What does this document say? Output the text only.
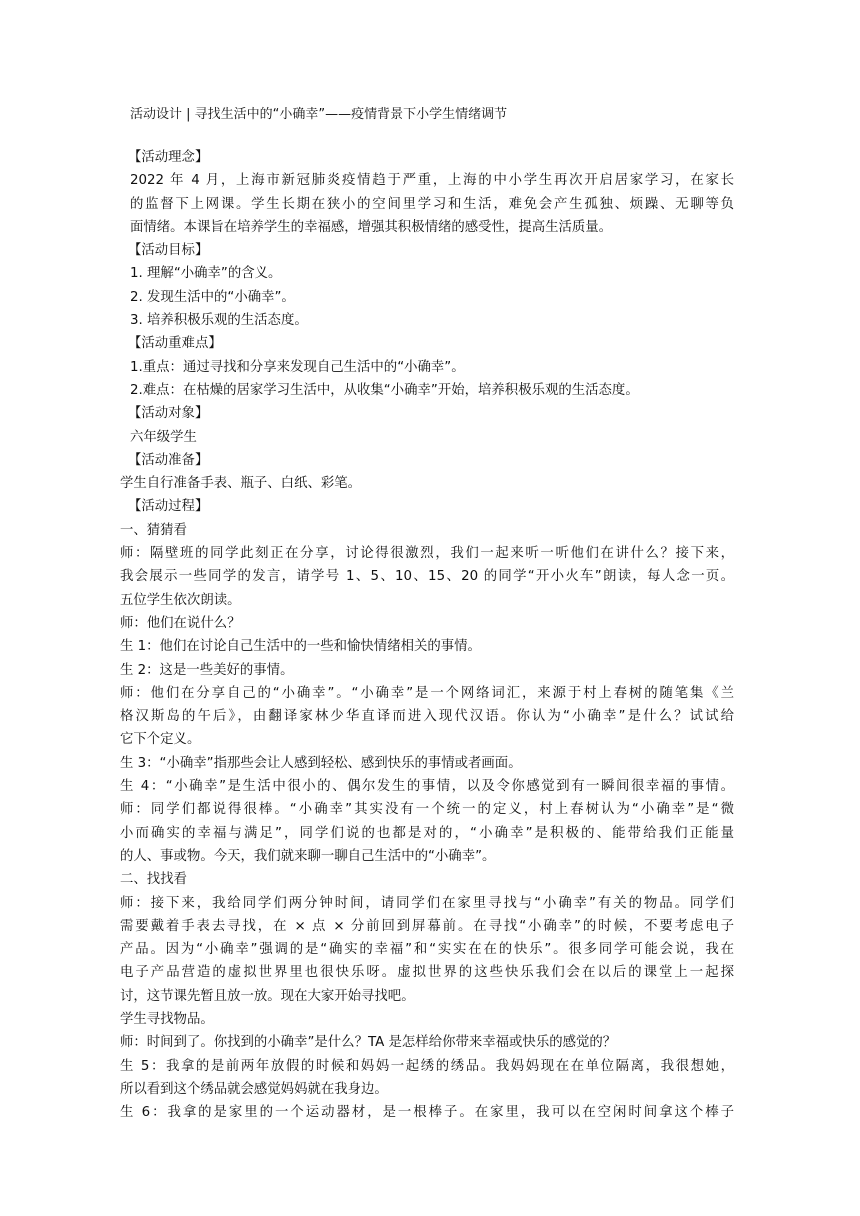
活动设计 | 寻找生活中的“小确幸”——疫情背景下小学生情绪调节
【活动理念】
2022 年 4 月，上海市新冠肺炎疫情趋于严重，上海的中小学生再次开启居家学习，在家长
的监督下上网课。学生长期在狭小的空间里学习和生活，难免会产生孤独、烦躁、无聊等负
面情绪。本课旨在培养学生的幸福感，增强其积极情绪的感受性，提高生活质量。
【活动目标】
1. 理解“小确幸”的含义。
2. 发现生活中的“小确幸”。
3. 培养积极乐观的生活态度。
【活动重难点】
1.重点：通过寻找和分享来发现自己生活中的“小确幸”。
2.难点：在枯燥的居家学习生活中，从收集“小确幸”开始，培养积极乐观的生活态度。
【活动对象】
六年级学生
【活动准备】
学生自行准备手表、瓶子、白纸、彩笔。
【活动过程】
一、猜猜看
师：隔壁班的同学此刻正在分享，讨论得很激烈，我们一起来听一听他们在讲什么？接下来，
我会展示一些同学的发言，请学号 1、5、10、15、20 的同学“开小火车”朗读，每人念一页。
五位学生依次朗读。
师：他们在说什么？
生 1：他们在讨论自己生活中的一些和愉快情绪相关的事情。
生 2：这是一些美好的事情。
师：他们在分享自己的“小确幸”。“小确幸”是一个网络词汇，来源于村上春树的随笔集《兰
格汉斯岛的午后》，由翻译家林少华直译而进入现代汉语。你认为“小确幸”是什么？试试给
它下个定义。
生 3：“小确幸”指那些会让人感到轻松、感到快乐的事情或者画面。
生 4：“小确幸”是生活中很小的、偶尔发生的事情，以及令你感觉到有一瞬间很幸福的事情。
师：同学们都说得很棒。“小确幸”其实没有一个统一的定义，村上春树认为“小确幸”是“微
小而确实的幸福与满足”，同学们说的也都是对的，“小确幸”是积极的、能带给我们正能量
的人、事或物。今天，我们就来聊一聊自己生活中的“小确幸”。
二、找找看
师：接下来，我给同学们两分钟时间，请同学们在家里寻找与“小确幸”有关的物品。同学们
需要戴着手表去寻找，在 × 点 × 分前回到屏幕前。在寻找“小确幸”的时候，不要考虑电子
产品。因为“小确幸”强调的是“确实的幸福”和“实实在在的快乐”。很多同学可能会说，我在
电子产品营造的虚拟世界里也很快乐呀。虚拟世界的这些快乐我们会在以后的课堂上一起探
讨，这节课先暂且放一放。现在大家开始寻找吧。
学生寻找物品。
师：时间到了。你找到的小确幸”是什么？TA 是怎样给你带来幸福或快乐的感觉的？
生 5：我拿的是前两年放假的时候和妈妈一起绣的绣品。我妈妈现在在单位隔离，我很想她，
所以看到这个绣品就会感觉妈妈就在我身边。
生 6：我拿的是家里的一个运动器材，是一根棒子。在家里，我可以在空闲时间拿这个棒子
